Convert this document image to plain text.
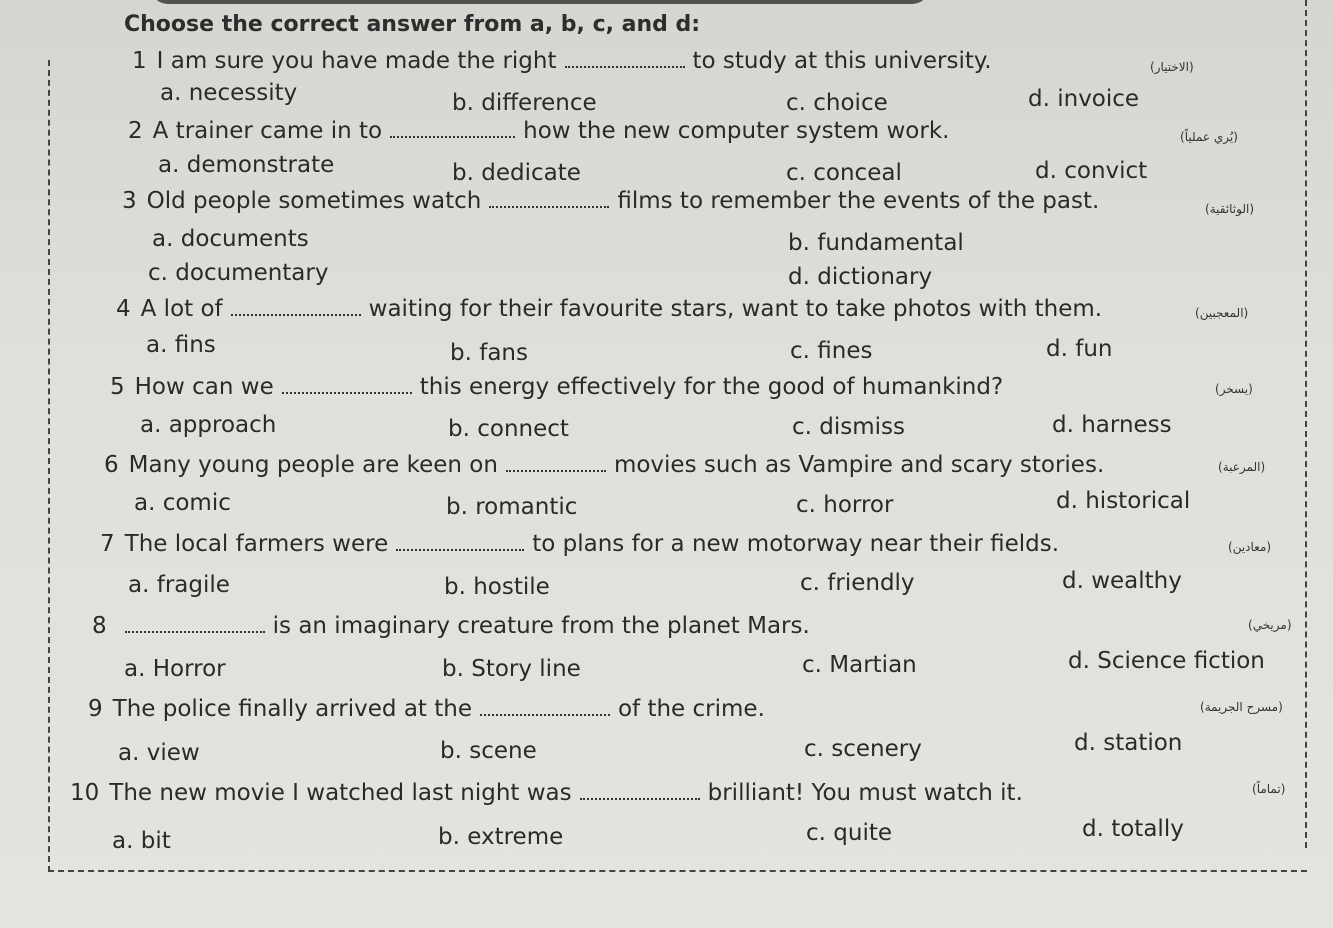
Choose the correct answer from a, b, c, and d:
1 I am sure you have made the right	to study at this university.	(الاختيار)
a. necessity	b. difference	c. choice	d. invoice
2 A trainer came in to	how the new computer system work.	(يُري عملياً)
a. demonstrate	b. dedicate	c. conceal	d. convict
3 Old people sometimes watch	films to remember the events of the past.	(الوثائقية)
a. documents	b. fundamental
c. documentary	d. dictionary
4 A lot of	waiting for their favourite stars, want to take photos with them.	(المعجبين)
a. fins	b. fans	c. fines	d. fun
5 How can we	this energy effectively for the good of humankind?	(يسخر)
a. approach	b. connect	c. dismiss	d. harness
6 Many young people are keen on	movies such as Vampire and scary stories.	(المرعبة)
a. comic	b. romantic	c. horror	d. historical
7 The local farmers were	to plans for a new motorway near their fields.	(معادين)
a. fragile	b. hostile	c. friendly	d. wealthy
8	is an imaginary creature from the planet Mars.	(مريخي)
a. Horror	b. Story line	c. Martian	d. Science fiction
9 The police finally arrived at the	of the crime.	(مسرح الجريمة)
a. view	b. scene	c. scenery	d. station
10 The new movie I watched last night was	brilliant! You must watch it.	(تماماً)
a. bit	b. extreme	c. quite	d. totally
